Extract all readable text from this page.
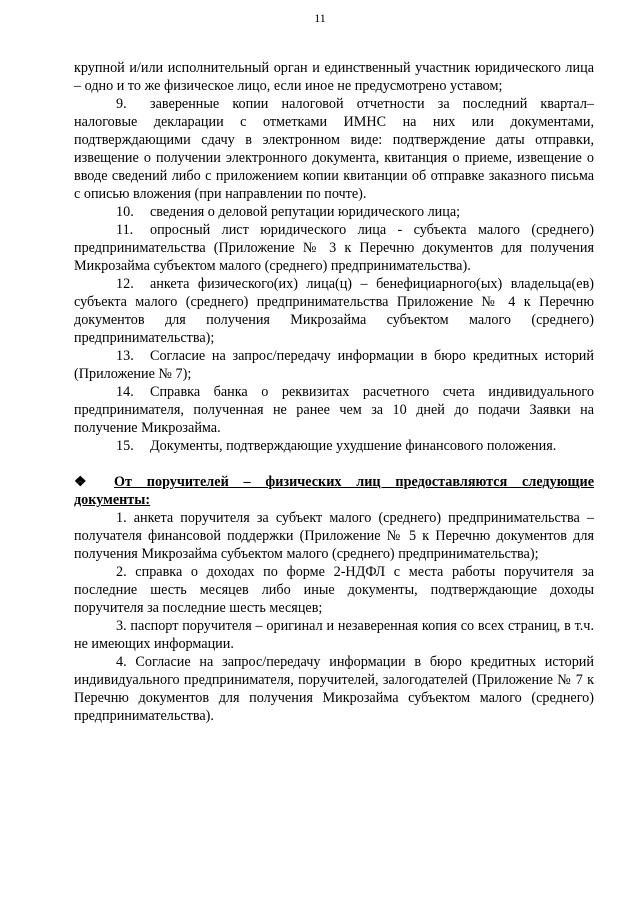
11

крупной и/или исполнительный орган и единственный участник юридического лица – одно и то же физическое лицо, если иное не предусмотрено уставом;

9. заверенные копии налоговой отчетности за последний квартал–налоговые декларации с отметками ИМНС на них или документами, подтверждающими сдачу в электронном виде: подтверждение даты отправки, извещение о получении электронного документа, квитанция о приеме, извещение о вводе сведений либо с приложением копии квитанции об отправке заказного письма с описью вложения (при направлении по почте).

10. сведения о деловой репутации юридического лица;

11. опросный лист юридического лица - субъекта малого (среднего) предпринимательства (Приложение № 3 к Перечню документов для получения Микрозайма субъектом малого (среднего) предпринимательства).

12. анкета физического(их) лица(ц) – бенефициарного(ых) владельца(ев) субъекта малого (среднего) предпринимательства Приложение № 4 к Перечню документов для получения Микрозайма субъектом малого (среднего) предпринимательства);

13. Согласие на запрос/передачу информации в бюро кредитных историй (Приложение № 7);

14. Справка банка о реквизитах расчетного счета индивидуального предпринимателя, полученная не ранее чем за 10 дней до подачи Заявки на получение Микрозайма.

15. Документы, подтверждающие ухудшение финансового положения.

❖ От поручителей – физических лиц предоставляются следующие документы:

1. анкета поручителя за субъект малого (среднего) предпринимательства – получателя финансовой поддержки (Приложение № 5 к Перечню документов для получения Микрозайма субъектом малого (среднего) предпринимательства);

2. справка о доходах по форме 2-НДФЛ с места работы поручителя за последние шесть месяцев либо иные документы, подтверждающие доходы поручителя за последние шесть месяцев;

3. паспорт поручителя – оригинал и незаверенная копия со всех страниц, в т.ч. не имеющих информации.

4. Согласие на запрос/передачу информации в бюро кредитных историй индивидуального предпринимателя, поручителей, залогодателей (Приложение № 7 к Перечню документов для получения Микрозайма субъектом малого (среднего) предпринимательства).
